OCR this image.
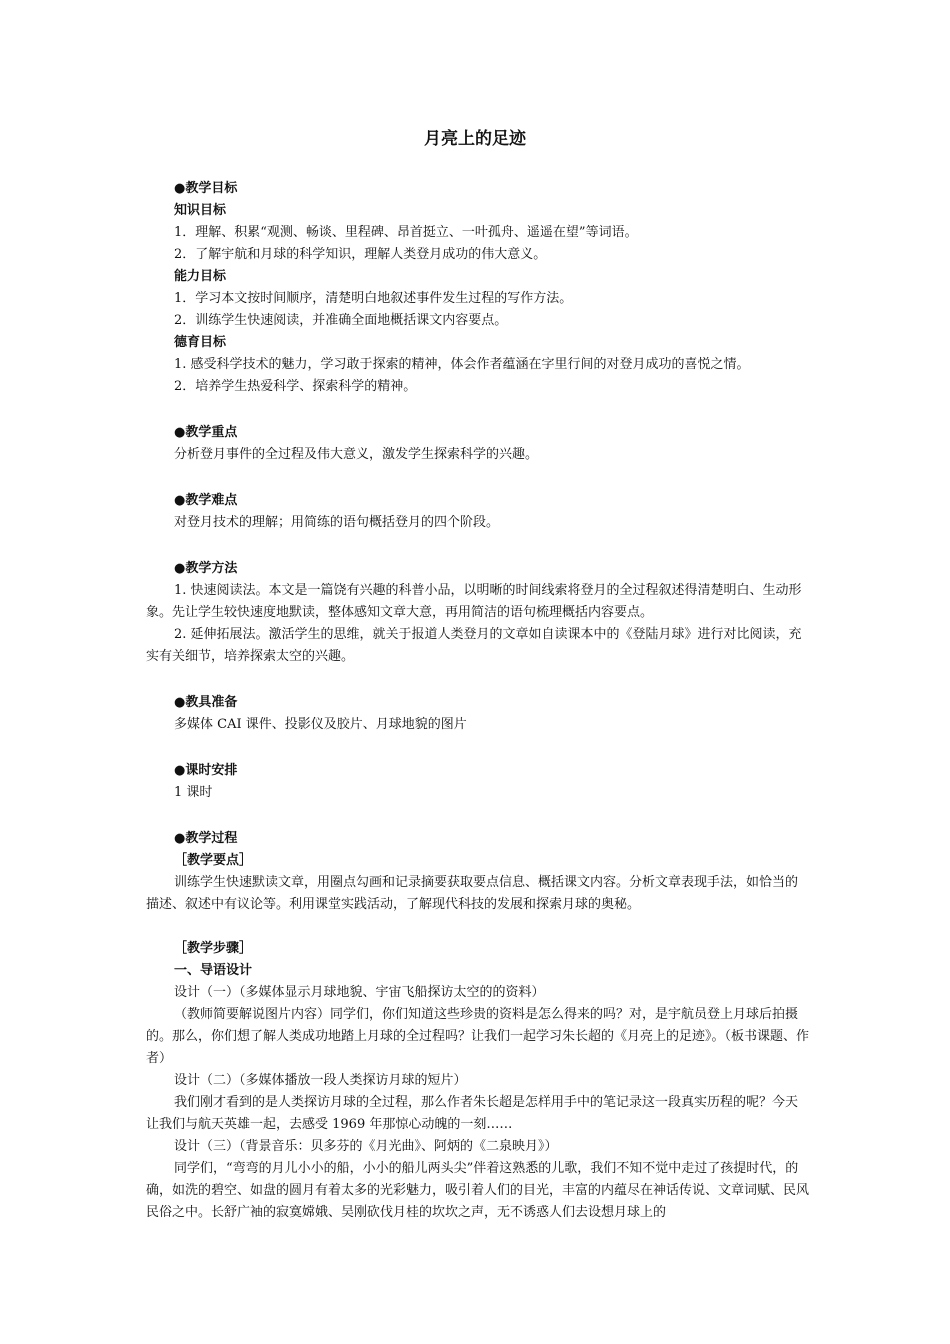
月亮上的足迹

●教学目标

知识目标

1．理解、积累“观测、畅谈、里程碑、昂首挺立、一叶孤舟、遥遥在望”等词语。

2．了解宇航和月球的科学知识，理解人类登月成功的伟大意义。

能力目标

1．学习本文按时间顺序，清楚明白地叙述事件发生过程的写作方法。

2．训练学生快速阅读，并准确全面地概括课文内容要点。

德育目标

1. 感受科学技术的魅力，学习敢于探索的精神，体会作者蕴涵在字里行间的对登月成功的喜悦之情。

2．培养学生热爱科学、探索科学的精神。

●教学重点

分析登月事件的全过程及伟大意义，激发学生探索科学的兴趣。

●教学难点

对登月技术的理解；用简练的语句概括登月的四个阶段。

●教学方法

1. 快速阅读法。本文是一篇饶有兴趣的科普小品，以明晰的时间线索将登月的全过程叙述得清楚明白、生动形象。先让学生较快速度地默读，整体感知文章大意，再用简洁的语句梳理概括内容要点。

2. 延伸拓展法。激活学生的思维，就关于报道人类登月的文章如自读课本中的《登陆月球》进行对比阅读，充实有关细节，培养探索太空的兴趣。

●教具准备

多媒体 CAI 课件、投影仪及胶片、月球地貌的图片

●课时安排

1 课时

●教学过程

［教学要点］

训练学生快速默读文章，用圈点勾画和记录摘要获取要点信息、概括课文内容。分析文章表现手法，如恰当的描述、叙述中有议论等。利用课堂实践活动，了解现代科技的发展和探索月球的奥秘。

［教学步骤］

一、导语设计

设计（一）（多媒体显示月球地貌、宇宙飞船探访太空的的资料）

（教师简要解说图片内容）同学们，你们知道这些珍贵的资料是怎么得来的吗？对，是宇航员登上月球后拍摄的。那么，你们想了解人类成功地踏上月球的全过程吗？让我们一起学习朱长超的《月亮上的足迹》。（板书课题、作者）

设计（二）（多媒体播放一段人类探访月球的短片）

我们刚才看到的是人类探访月球的全过程，那么作者朱长超是怎样用手中的笔记录这一段真实历程的呢？今天让我们与航天英雄一起，去感受 1969 年那惊心动魄的一刻……

设计（三）（背景音乐：贝多芬的《月光曲》、阿炳的《二泉映月》）

同学们，“弯弯的月儿小小的船，小小的船儿两头尖”伴着这熟悉的儿歌，我们不知不觉中走过了孩提时代，的确，如洗的碧空、如盘的圆月有着太多的光彩魅力，吸引着人们的目光，丰富的内蕴尽在神话传说、文章词赋、民风民俗之中。长舒广袖的寂寞嫦娥、吴刚砍伐月桂的坎坎之声，无不诱惑人们去设想月球上的
